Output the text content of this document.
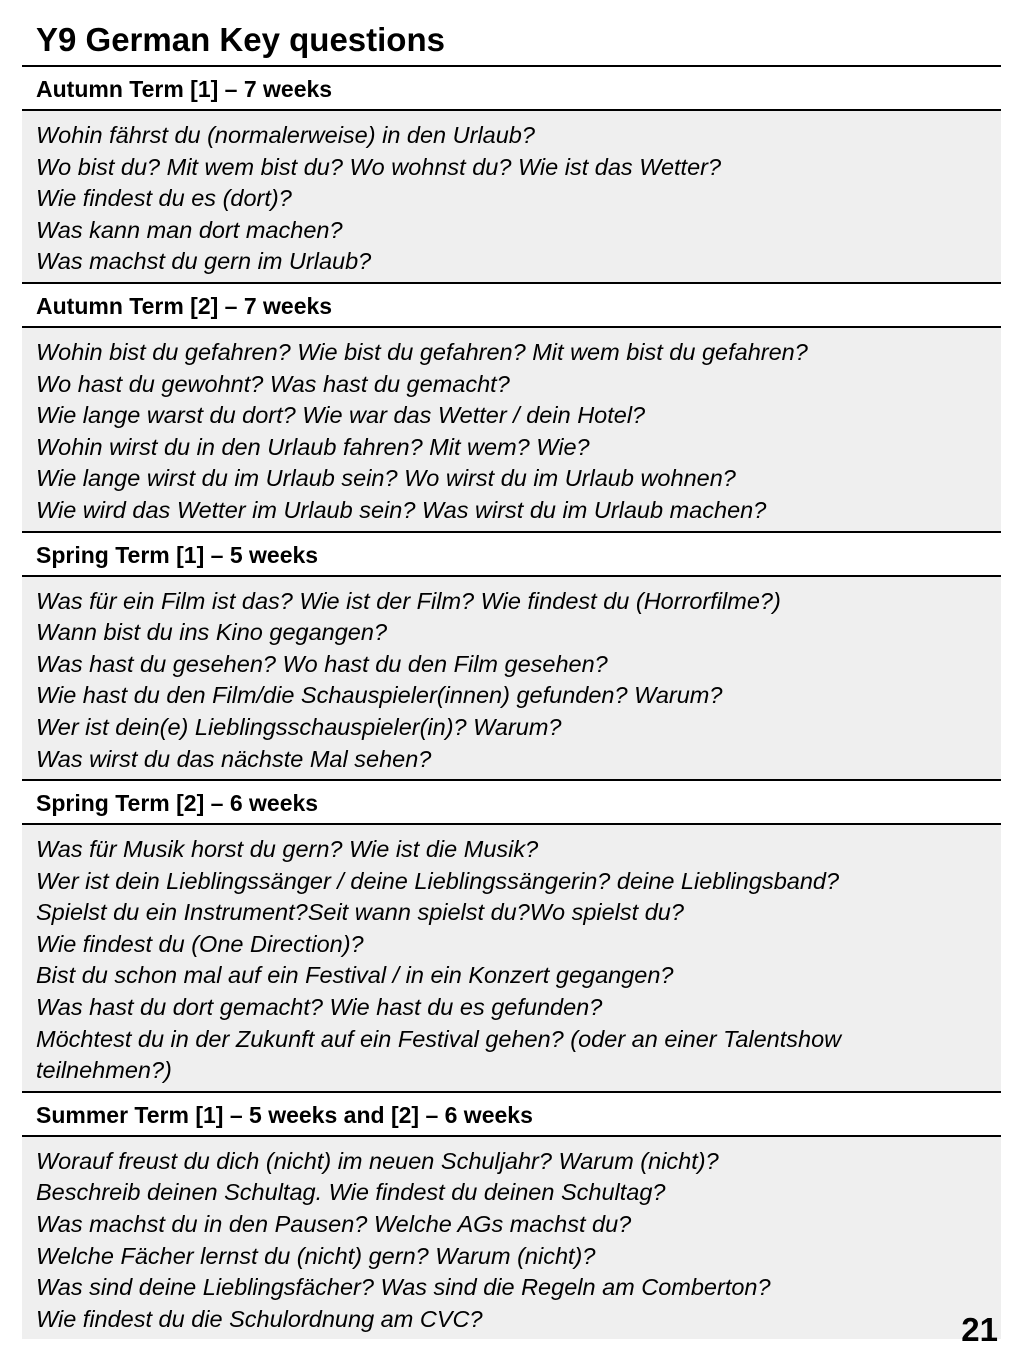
Y9 German Key questions
Autumn Term [1] – 7 weeks
Wohin fährst du (normalerweise) in den Urlaub?
Wo bist du? Mit wem bist du? Wo wohnst du? Wie ist das Wetter?
Wie findest du es (dort)?
Was kann man dort machen?
Was machst du gern im Urlaub?
Autumn Term [2] – 7 weeks
Wohin bist du gefahren? Wie bist du gefahren? Mit wem bist du gefahren?
Wo hast du gewohnt? Was hast du gemacht?
Wie lange warst du dort? Wie war das Wetter / dein Hotel?
Wohin wirst du in den Urlaub fahren? Mit wem? Wie?
Wie lange wirst du im Urlaub sein? Wo wirst du im Urlaub wohnen?
Wie wird das Wetter im Urlaub sein? Was wirst du im Urlaub machen?
Spring Term [1] – 5 weeks
Was für ein Film ist das? Wie ist der Film? Wie findest du (Horrorfilme?)
Wann bist du ins Kino gegangen?
Was hast du gesehen? Wo hast du den Film gesehen?
Wie hast du den Film/die Schauspieler(innen) gefunden? Warum?
Wer ist dein(e) Lieblingsschauspieler(in)? Warum?
Was wirst du das nächste Mal sehen?
Spring Term [2] – 6 weeks
Was für Musik horst du gern? Wie ist die Musik?
Wer ist dein Lieblingssänger / deine Lieblingssängerin? deine Lieblingsband?
Spielst du ein Instrument?Seit wann spielst du?Wo spielst du?
Wie findest du (One Direction)?
Bist du schon mal auf ein Festival / in ein Konzert gegangen?
Was hast du dort gemacht? Wie hast du es gefunden?
Möchtest du in der Zukunft auf ein Festival gehen? (oder an einer Talentshow
teilnehmen?)
Summer Term [1] – 5 weeks and [2] – 6 weeks
Worauf freust du dich (nicht) im neuen Schuljahr? Warum (nicht)?
Beschreib deinen Schultag. Wie findest du deinen Schultag?
Was machst du in den Pausen? Welche AGs machst du?
Welche Fächer lernst du (nicht) gern? Warum (nicht)?
Was sind deine Lieblingsfächer? Was sind die Regeln am Comberton?
Wie findest du die Schulordnung am CVC?	21
